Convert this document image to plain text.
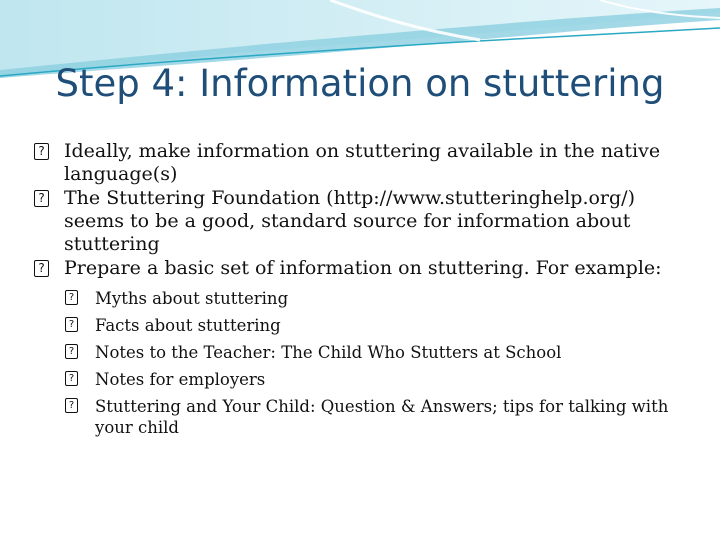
Step 4: Information on stuttering
? Ideally, make information on stuttering available in the native language(s)
? The Stuttering Foundation (http://www.stutteringhelp.org/) seems to be a good, standard source for information about stuttering
? Prepare a basic set of information on stuttering. For example:
? Myths about stuttering
? Facts about stuttering
? Notes to the Teacher: The Child Who Stutters at School
? Notes for employers
? Stuttering and Your Child: Question & Answers; tips for talking with your child
